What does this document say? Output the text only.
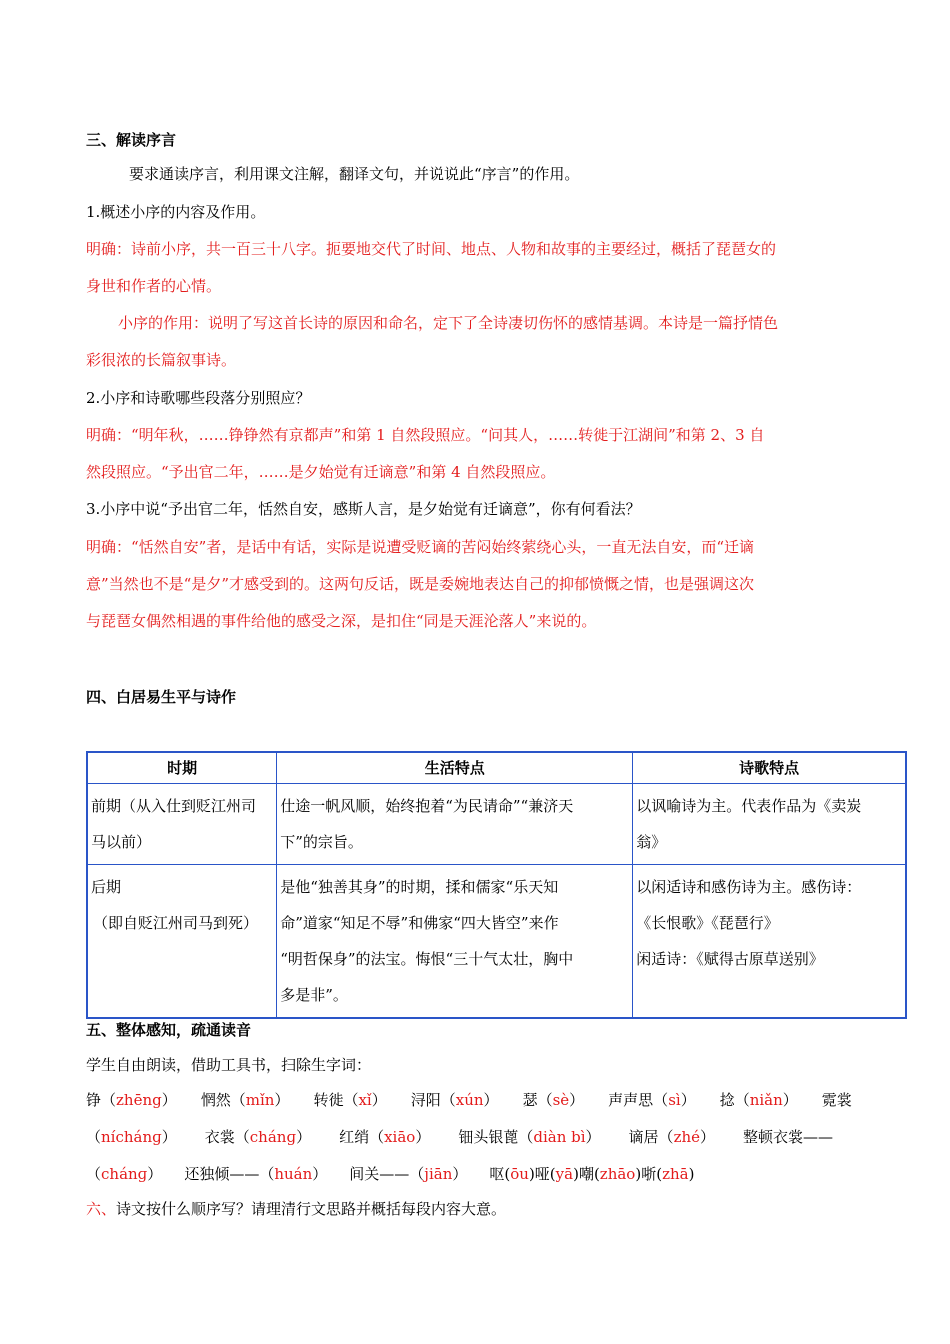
三、解读序言
要求通读序言，利用课文注解，翻译文句，并说说此“序言”的作用。
1.概述小序的内容及作用。
明确：诗前小序，共一百三十八字。扼要地交代了时间、地点、人物和故事的主要经过，概括了琵琶女的
身世和作者的心情。
小序的作用：说明了写这首长诗的原因和命名，定下了全诗凄切伤怀的感情基调。本诗是一篇抒情色
彩很浓的长篇叙事诗。
2.小序和诗歌哪些段落分别照应？
明确：“明年秋，……铮铮然有京都声”和第 1 自然段照应。“问其人，……转徙于江湖间”和第 2、3 自
然段照应。“予出官二年，……是夕始觉有迁谪意”和第 4 自然段照应。
3.小序中说“予出官二年，恬然自安，感斯人言，是夕始觉有迁谪意”，你有何看法？
明确：“恬然自安”者，是话中有话，实际是说遭受贬谪的苦闷始终萦绕心头，一直无法自安，而“迁谪
意”当然也不是“是夕”才感受到的。这两句反话，既是委婉地表达自己的抑郁愤慨之情，也是强调这次
与琵琶女偶然相遇的事件给他的感受之深，是扣住“同是天涯沦落人”来说的。
四、白居易生平与诗作
时期	生活特点	诗歌特点

前期（从入仕到贬江州司
马以前）	仕途一帆风顺，始终抱着“为民请命”“兼济天
下”的宗旨。	以讽喻诗为主。代表作品为《卖炭
翁》

后期
（即自贬江州司马到死）	是他“独善其身”的时期，揉和儒家“乐天知
命”道家“知足不辱”和佛家“四大皆空”来作
“明哲保身”的法宝。悔恨“三十气太壮，胸中
多是非”。	以闲适诗和感伤诗为主。感伤诗：
《长恨歌》《琵琶行》
闲适诗：《赋得古原草送别》
五、整体感知，疏通读音
学生自由朗读，借助工具书，扫除生字词：
铮（zhēng） 惘然（mǐn） 转徙（xǐ） 浔阳（xún） 瑟（sè） 声声思（sì） 捻（niǎn） 霓裳
（níchánɡ） 衣裳（chánɡ） 红绡（xiāo） 钿头银蓖（diàn bì） 谪居（zhé） 整顿衣裳——
（chánɡ） 还独倾——（huán） 间关——（jiān） 呕(ōu)哑(yā)嘲(zhāo)哳(zhā)
六、诗文按什么顺序写？请理清行文思路并概括每段内容大意。
